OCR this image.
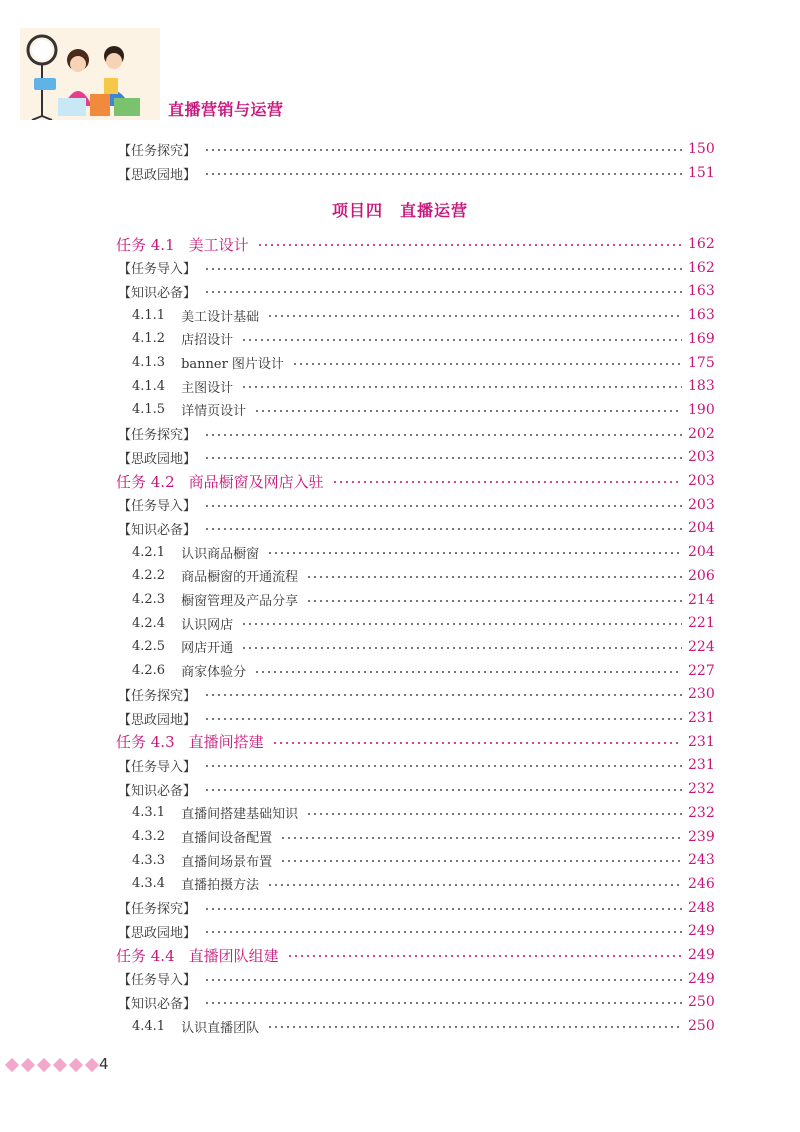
直播营销与运营
【任务探究】	150
【思政园地】	151
项目四　直播运营
任务 4.1 美工设计	162
【任务导入】	162
【知识必备】	163
4.1.1 美工设计基础	163
4.1.2 店招设计	169
4.1.3 banner 图片设计	175
4.1.4 主图设计	183
4.1.5 详情页设计	190
【任务探究】	202
【思政园地】	203
任务 4.2 商品橱窗及网店入驻	203
【任务导入】	203
【知识必备】	204
4.2.1 认识商品橱窗	204
4.2.2 商品橱窗的开通流程	206
4.2.3 橱窗管理及产品分享	214
4.2.4 认识网店	221
4.2.5 网店开通	224
4.2.6 商家体验分	227
【任务探究】	230
【思政园地】	231
任务 4.3 直播间搭建	231
【任务导入】	231
【知识必备】	232
4.3.1 直播间搭建基础知识	232
4.3.2 直播间设备配置	239
4.3.3 直播间场景布置	243
4.3.4 直播拍摄方法	246
【任务探究】	248
【思政园地】	249
任务 4.4 直播团队组建	249
【任务导入】	249
【知识必备】	250
4.4.1 认识直播团队	250
4
